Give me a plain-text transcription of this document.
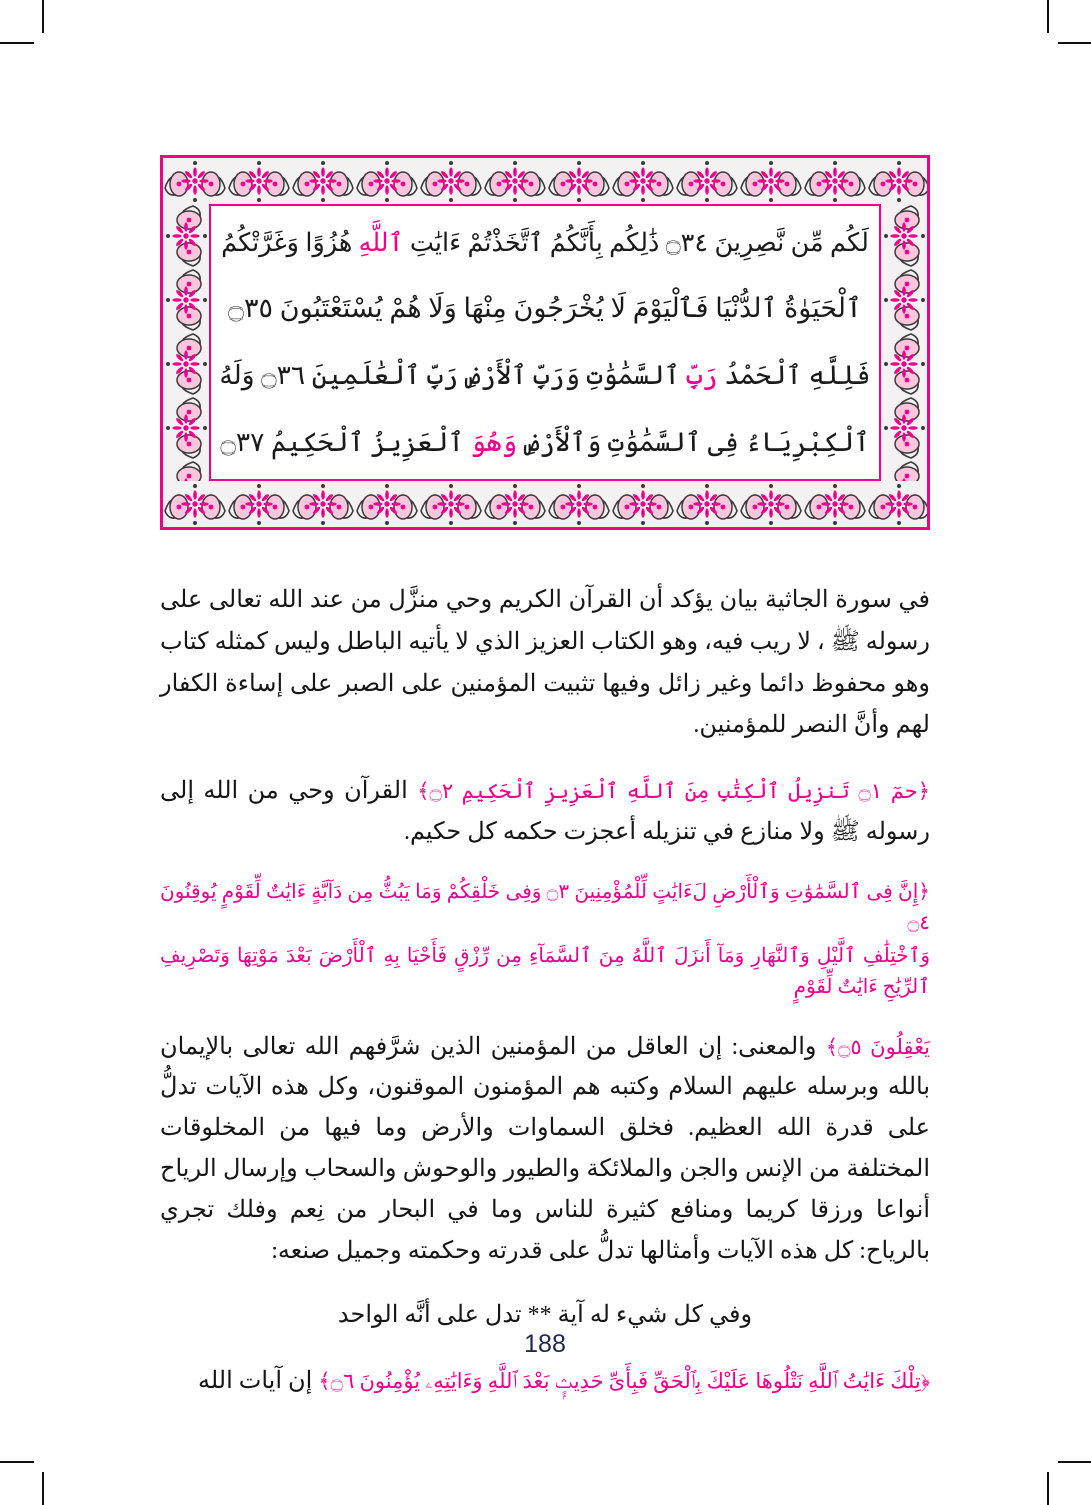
لَكُم مِّن نَّصِرِينَ ۝٣٤ ذَٰلِكُم بِأَنَّكُمُ ٱتَّخَذْتُمْ ءَايَٰتِ ٱللَّهِ هُزُوًا وَغَرَّتْكُمُ
ٱلْحَيَوٰةُ ٱلدُّنْيَا فَٱلْيَوْمَ لَا يُخْرَجُونَ مِنْهَا وَلَا هُمْ يُسْتَعْتَبُونَ ۝٣٥
فَلِلَّهِ ٱلْحَمْدُ رَبِّ ٱلسَّمَٰوَٰتِ وَرَبِّ ٱلْأَرْضِ رَبِّ ٱلْعَٰلَمِينَ ۝٣٦ وَلَهُ
ٱلْكِبْرِيَاءُ فِى ٱلسَّمَٰوَٰتِ وَٱلْأَرْضِ وَهُوَ ٱلْعَزِيزُ ٱلْحَكِيمُ ۝٣٧

في سورة الجاثية بيان يؤكد أن القرآن الكريم وحي منزَّل من عند الله تعالى على رسوله ﷺ ، لا ريب فيه، وهو الكتاب العزيز الذي لا يأتيه الباطل وليس كمثله كتاب وهو محفوظ دائما وغير زائل وفيها تثبيت المؤمنين على الصبر على إساءة الكفار لهم وأنَّ النصر للمؤمنين.

﴿حمٓ ۝١ تَنزِيلُ ٱلْكِتَٰبِ مِنَ ٱللَّهِ ٱلْعَزِيزِ ٱلْحَكِيمِ ۝٢﴾ القرآن وحي من الله إلى رسوله ﷺ ولا منازع في تنزيله أعجزت حكمه كل حكيم.

﴿إِنَّ فِى ٱلسَّمَٰوَٰتِ وَٱلْأَرْضِ لَءَايَٰتٍ لِّلْمُؤْمِنِينَ ۝٣ وَفِى خَلْقِكُمْ وَمَا يَبُثُّ مِن دَآبَّةٍ ءَايَٰتٌ لِّقَوْمٍ يُوقِنُونَ ۝٤
وَٱخْتِلَٰفِ ٱلَّيْلِ وَٱلنَّهَارِ وَمَآ أَنزَلَ ٱللَّهُ مِنَ ٱلسَّمَآءِ مِن رِّزْقٍ فَأَحْيَا بِهِ ٱلْأَرْضَ بَعْدَ مَوْتِهَا وَتَصْرِيفِ ٱلرِّيَٰحِ ءَايَٰتٌ لِّقَوْمٍ

يَعْقِلُونَ ۝٥﴾ والمعنى: إن العاقل من المؤمنين الذين شرَّفهم الله تعالى بالإيمان بالله وبرسله عليهم السلام وكتبه هم المؤمنون الموقنون، وكل هذه الآيات تدلُّ على قدرة الله العظيم. فخلق السماوات والأرض وما فيها من المخلوقات المختلفة من الإنس والجن والملائكة والطيور والوحوش والسحاب وإرسال الرياح أنواعا ورزقا كريما ومنافع كثيرة للناس وما في البحار من نِعم وفلك تجري بالرياح: كل هذه الآيات وأمثالها تدلُّ على قدرته وحكمته وجميل صنعه:

وفي كل شيء له آية ** تدل على أنَّه الواحد

﴿تِلْكَ ءَايَٰتُ ٱللَّهِ نَتْلُوهَا عَلَيْكَ بِٱلْحَقِّ فَبِأَىِّ حَدِيثٍۭ بَعْدَ ٱللَّهِ وَءَايَٰتِهِۦ يُؤْمِنُونَ ۝٦﴾ إن آيات الله

188
